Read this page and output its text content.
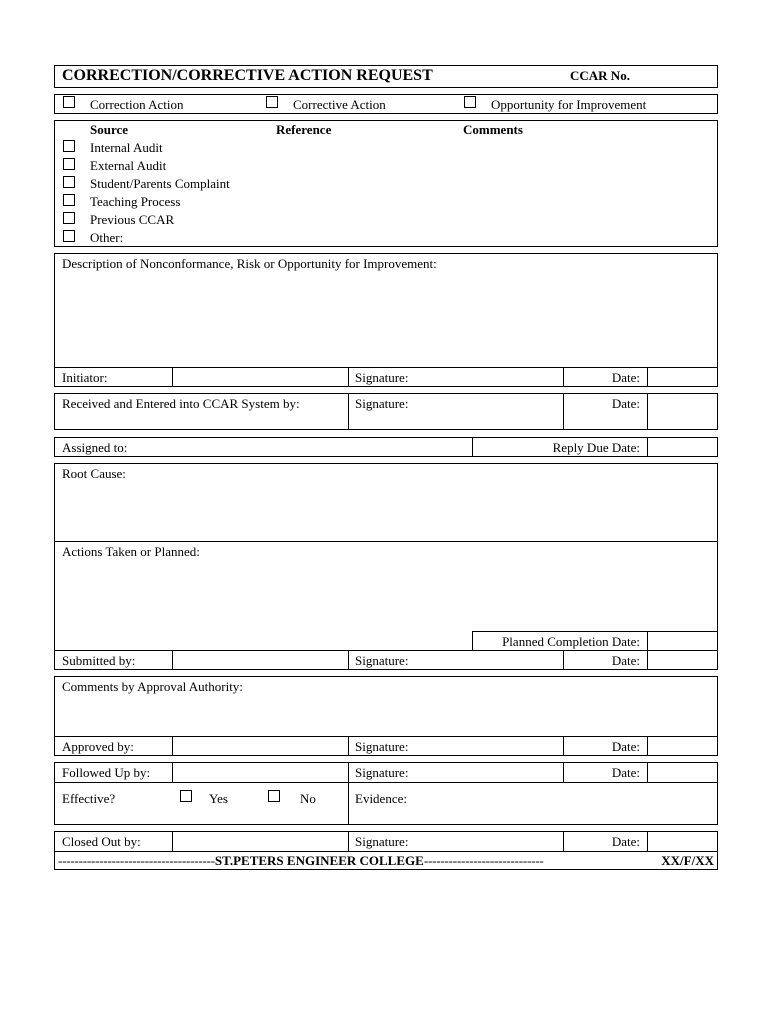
CORRECTION/CORRECTIVE ACTION REQUEST	CCAR No.
Correction Action	Corrective Action	Opportunity for Improvement
Source	Reference	Comments
Internal Audit
External Audit
Student/Parents Complaint
Teaching Process
Previous CCAR
Other:
Description of Nonconformance, Risk or Opportunity for Improvement:
Initiator:	Signature:	Date:
Received and Entered into CCAR System by:	Signature:	Date:
Assigned to:	Reply Due Date:
Root Cause:
Actions Taken or Planned:
Planned Completion Date:
Submitted by:	Signature:	Date:
Comments by Approval Authority:
Approved by:	Signature:	Date:
Followed Up by:	Signature:	Date:
Effective?	Yes	No	Evidence:
Closed Out by:	Signature:	Date:
-------------------------------------- ST.PETERS ENGINEER COLLEGE -----------------------------	XX/F/XX
